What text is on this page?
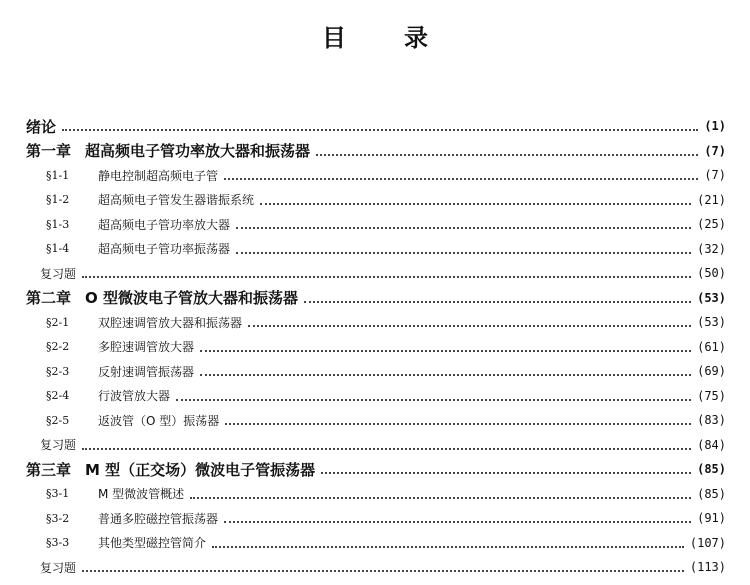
目录
绪论	(1)
第一章 超高频电子管功率放大器和振荡器	(7)
§1-1	静电控制超高频电子管	(7)
§1-2	超高频电子管发生器谐振系统	(21)
§1-3	超高频电子管功率放大器	(25)
§1-4	超高频电子管功率振荡器	(32)
复习题	(50)
第二章 O 型微波电子管放大器和振荡器	(53)
§2-1	双腔速调管放大器和振荡器	(53)
§2-2	多腔速调管放大器	(61)
§2-3	反射速调管振荡器	(69)
§2-4	行波管放大器	(75)
§2-5	返波管（O 型）振荡器	(83)
复习题	(84)
第三章 M 型（正交场）微波电子管振荡器	(85)
§3-1	M 型微波管概述	(85)
§3-2	普通多腔磁控管振荡器	(91)
§3-3	其他类型磁控管简介	(107)
复习题	(113)
